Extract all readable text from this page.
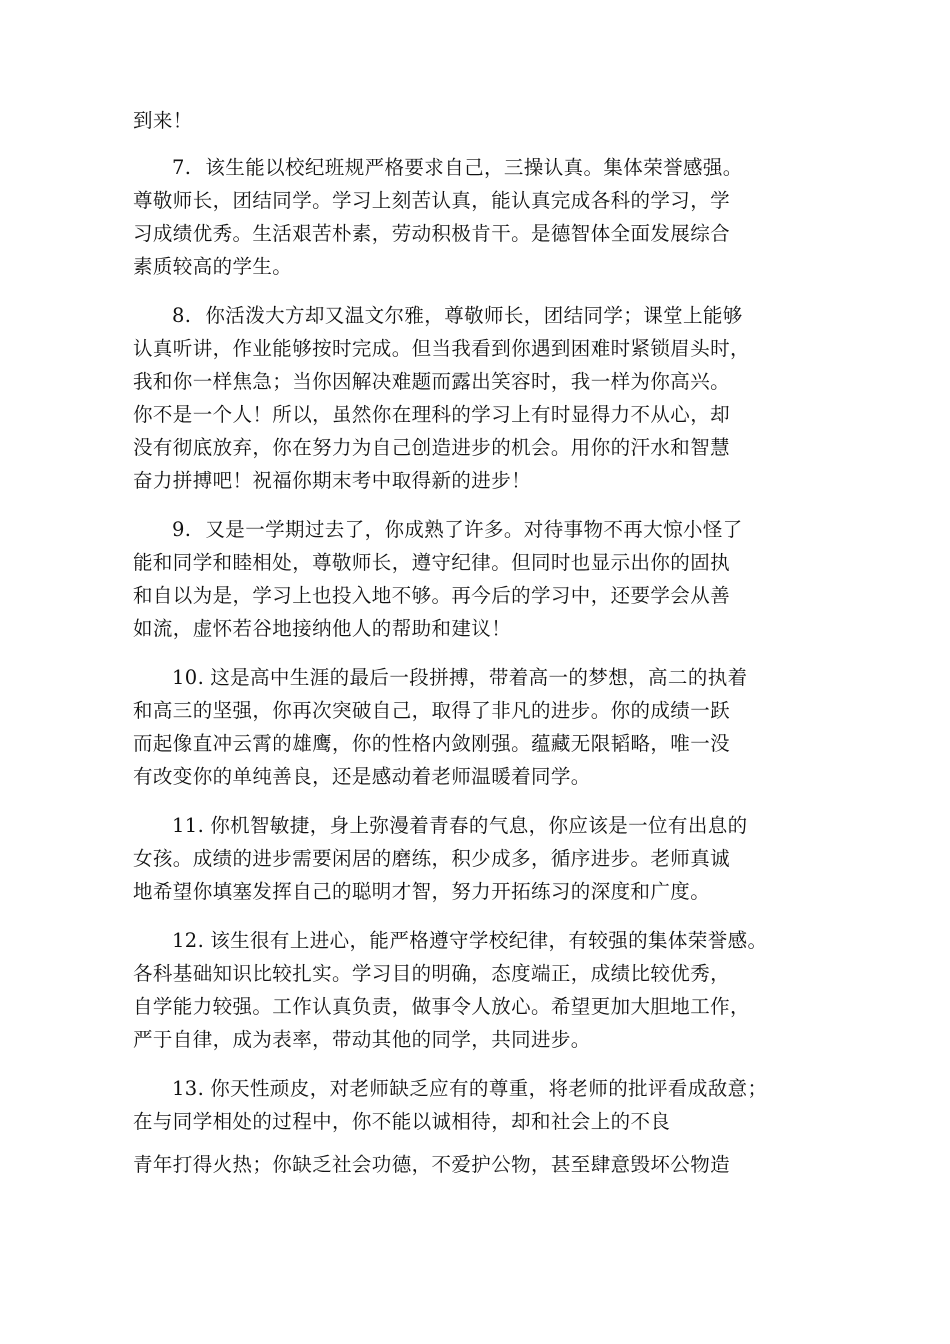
到来！

7. 该生能以校纪班规严格要求自己，三操认真。集体荣誉感强。
尊敬师长，团结同学。学习上刻苦认真，能认真完成各科的学习，学
习成绩优秀。生活艰苦朴素，劳动积极肯干。是德智体全面发展综合
素质较高的学生。

8. 你活泼大方却又温文尔雅，尊敬师长，团结同学；课堂上能够
认真听讲，作业能够按时完成。但当我看到你遇到困难时紧锁眉头时，
我和你一样焦急；当你因解决难题而露出笑容时，我一样为你高兴。
你不是一个人！所以，虽然你在理科的学习上有时显得力不从心，却
没有彻底放弃，你在努力为自己创造进步的机会。用你的汗水和智慧
奋力拼搏吧！祝福你期末考中取得新的进步！

9. 又是一学期过去了，你成熟了许多。对待事物不再大惊小怪了
能和同学和睦相处，尊敬师长，遵守纪律。但同时也显示出你的固执
和自以为是，学习上也投入地不够。再今后的学习中，还要学会从善
如流，虚怀若谷地接纳他人的帮助和建议！

10. 这是高中生涯的最后一段拼搏，带着高一的梦想，高二的执着
和高三的坚强，你再次突破自己，取得了非凡的进步。你的成绩一跃
而起像直冲云霄的雄鹰，你的性格内敛刚强。蕴藏无限韬略，唯一没
有改变你的单纯善良，还是感动着老师温暖着同学。

11. 你机智敏捷，身上弥漫着青春的气息，你应该是一位有出息的
女孩。成绩的进步需要闲居的磨练，积少成多，循序进步。老师真诚
地希望你填塞发挥自己的聪明才智，努力开拓练习的深度和广度。

12. 该生很有上进心，能严格遵守学校纪律，有较强的集体荣誉感。
各科基础知识比较扎实。学习目的明确，态度端正，成绩比较优秀，
自学能力较强。工作认真负责，做事令人放心。希望更加大胆地工作，
严于自律，成为表率，带动其他的同学，共同进步。

13. 你天性顽皮，对老师缺乏应有的尊重，将老师的批评看成敌意；
在与同学相处的过程中，你不能以诚相待，却和社会上的不良

青年打得火热；你缺乏社会功德，不爱护公物，甚至肆意毁坏公物造
